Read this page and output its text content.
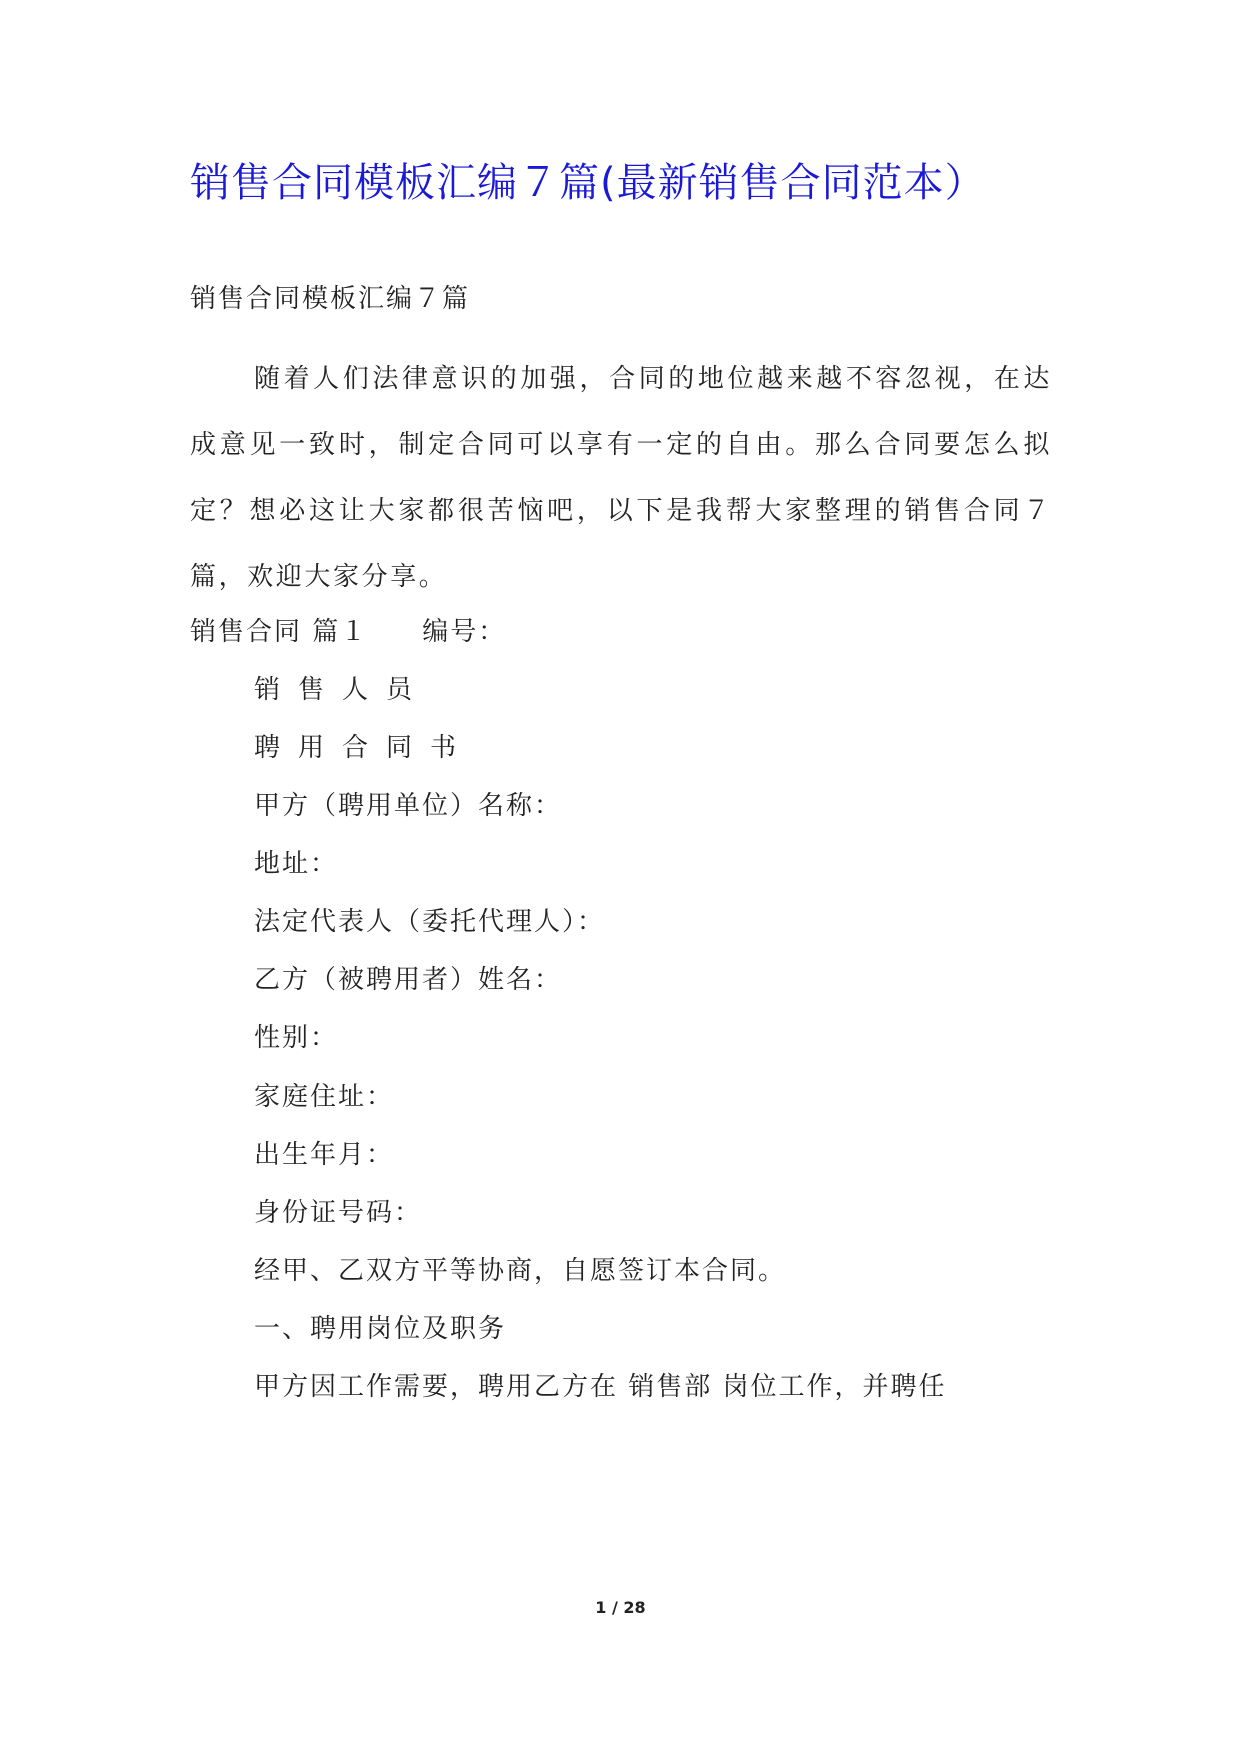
销售合同模板汇编７篇(最新销售合同范本）
销售合同模板汇编７篇
随着人们法律意识的加强，合同的地位越来越不容忽视，在达成意见一致时，制定合同可以享有一定的自由。那么合同要怎么拟定？想必这让大家都很苦恼吧，以下是我帮大家整理的销售合同７篇，欢迎大家分享。
销售合同 篇１ 编号：
销售人员
聘用合同书
甲方（聘用单位）名称：
地址：
法定代表人（委托代理人）：
乙方（被聘用者）姓名：
性别：
家庭住址：
出生年月：
身份证号码：
经甲、乙双方平等协商，自愿签订本合同。
一、聘用岗位及职务
甲方因工作需要，聘用乙方在 销售部 岗位工作，并聘任
1 / 28
